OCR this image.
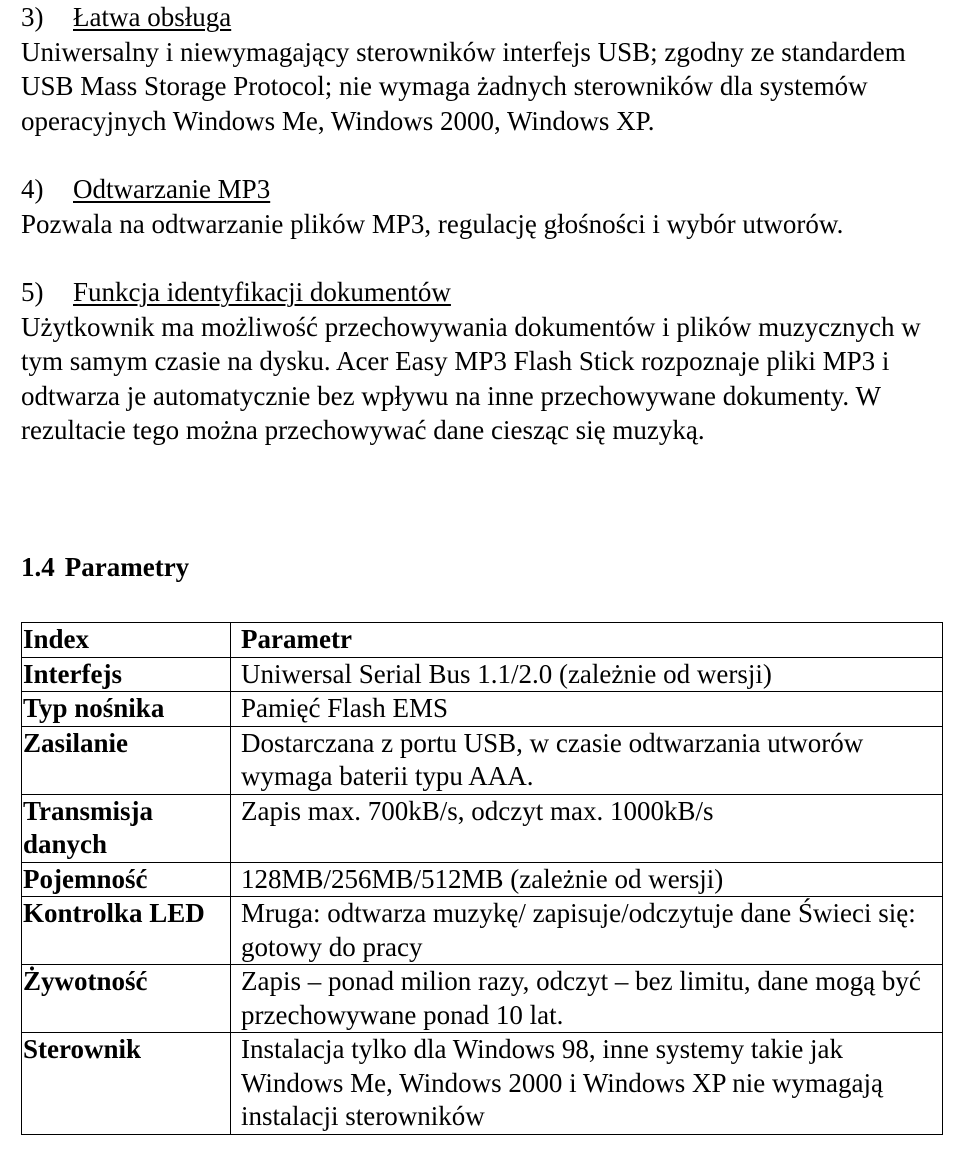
3) Łatwa obsługa
Uniwersalny i niewymagający sterowników interfejs USB; zgodny ze standardem USB Mass Storage Protocol; nie wymaga żadnych sterowników dla systemów operacyjnych Windows Me, Windows 2000, Windows XP.
4) Odtwarzanie MP3
Pozwala na odtwarzanie plików MP3, regulację głośności i wybór utworów.
5) Funkcja identyfikacji dokumentów
Użytkownik ma możliwość przechowywania dokumentów i plików muzycznych w tym samym czasie na dysku. Acer Easy MP3 Flash Stick rozpoznaje pliki MP3 i odtwarza je automatycznie bez wpływu na inne przechowywane dokumenty. W rezultacie tego można przechowywać dane ciesząc się muzyką.
1.4 Parametry
Index	Parametr
Interfejs	Uniwersal Serial Bus 1.1/2.0 (zależnie od wersji)
Typ nośnika	Pamięć Flash EMS
Zasilanie	Dostarczana z portu USB, w czasie odtwarzania utworów wymaga baterii typu AAA.
Transmisja danych	Zapis max. 700kB/s, odczyt max. 1000kB/s
Pojemność	128MB/256MB/512MB (zależnie od wersji)
Kontrolka LED	Mruga: odtwarza muzykę/ zapisuje/odczytuje dane Świeci się: gotowy do pracy
Żywotność	Zapis – ponad milion razy, odczyt – bez limitu, dane mogą być przechowywane ponad 10 lat.
Sterownik	Instalacja tylko dla Windows 98, inne systemy takie jak Windows Me, Windows 2000 i Windows XP nie wymagają instalacji sterowników
